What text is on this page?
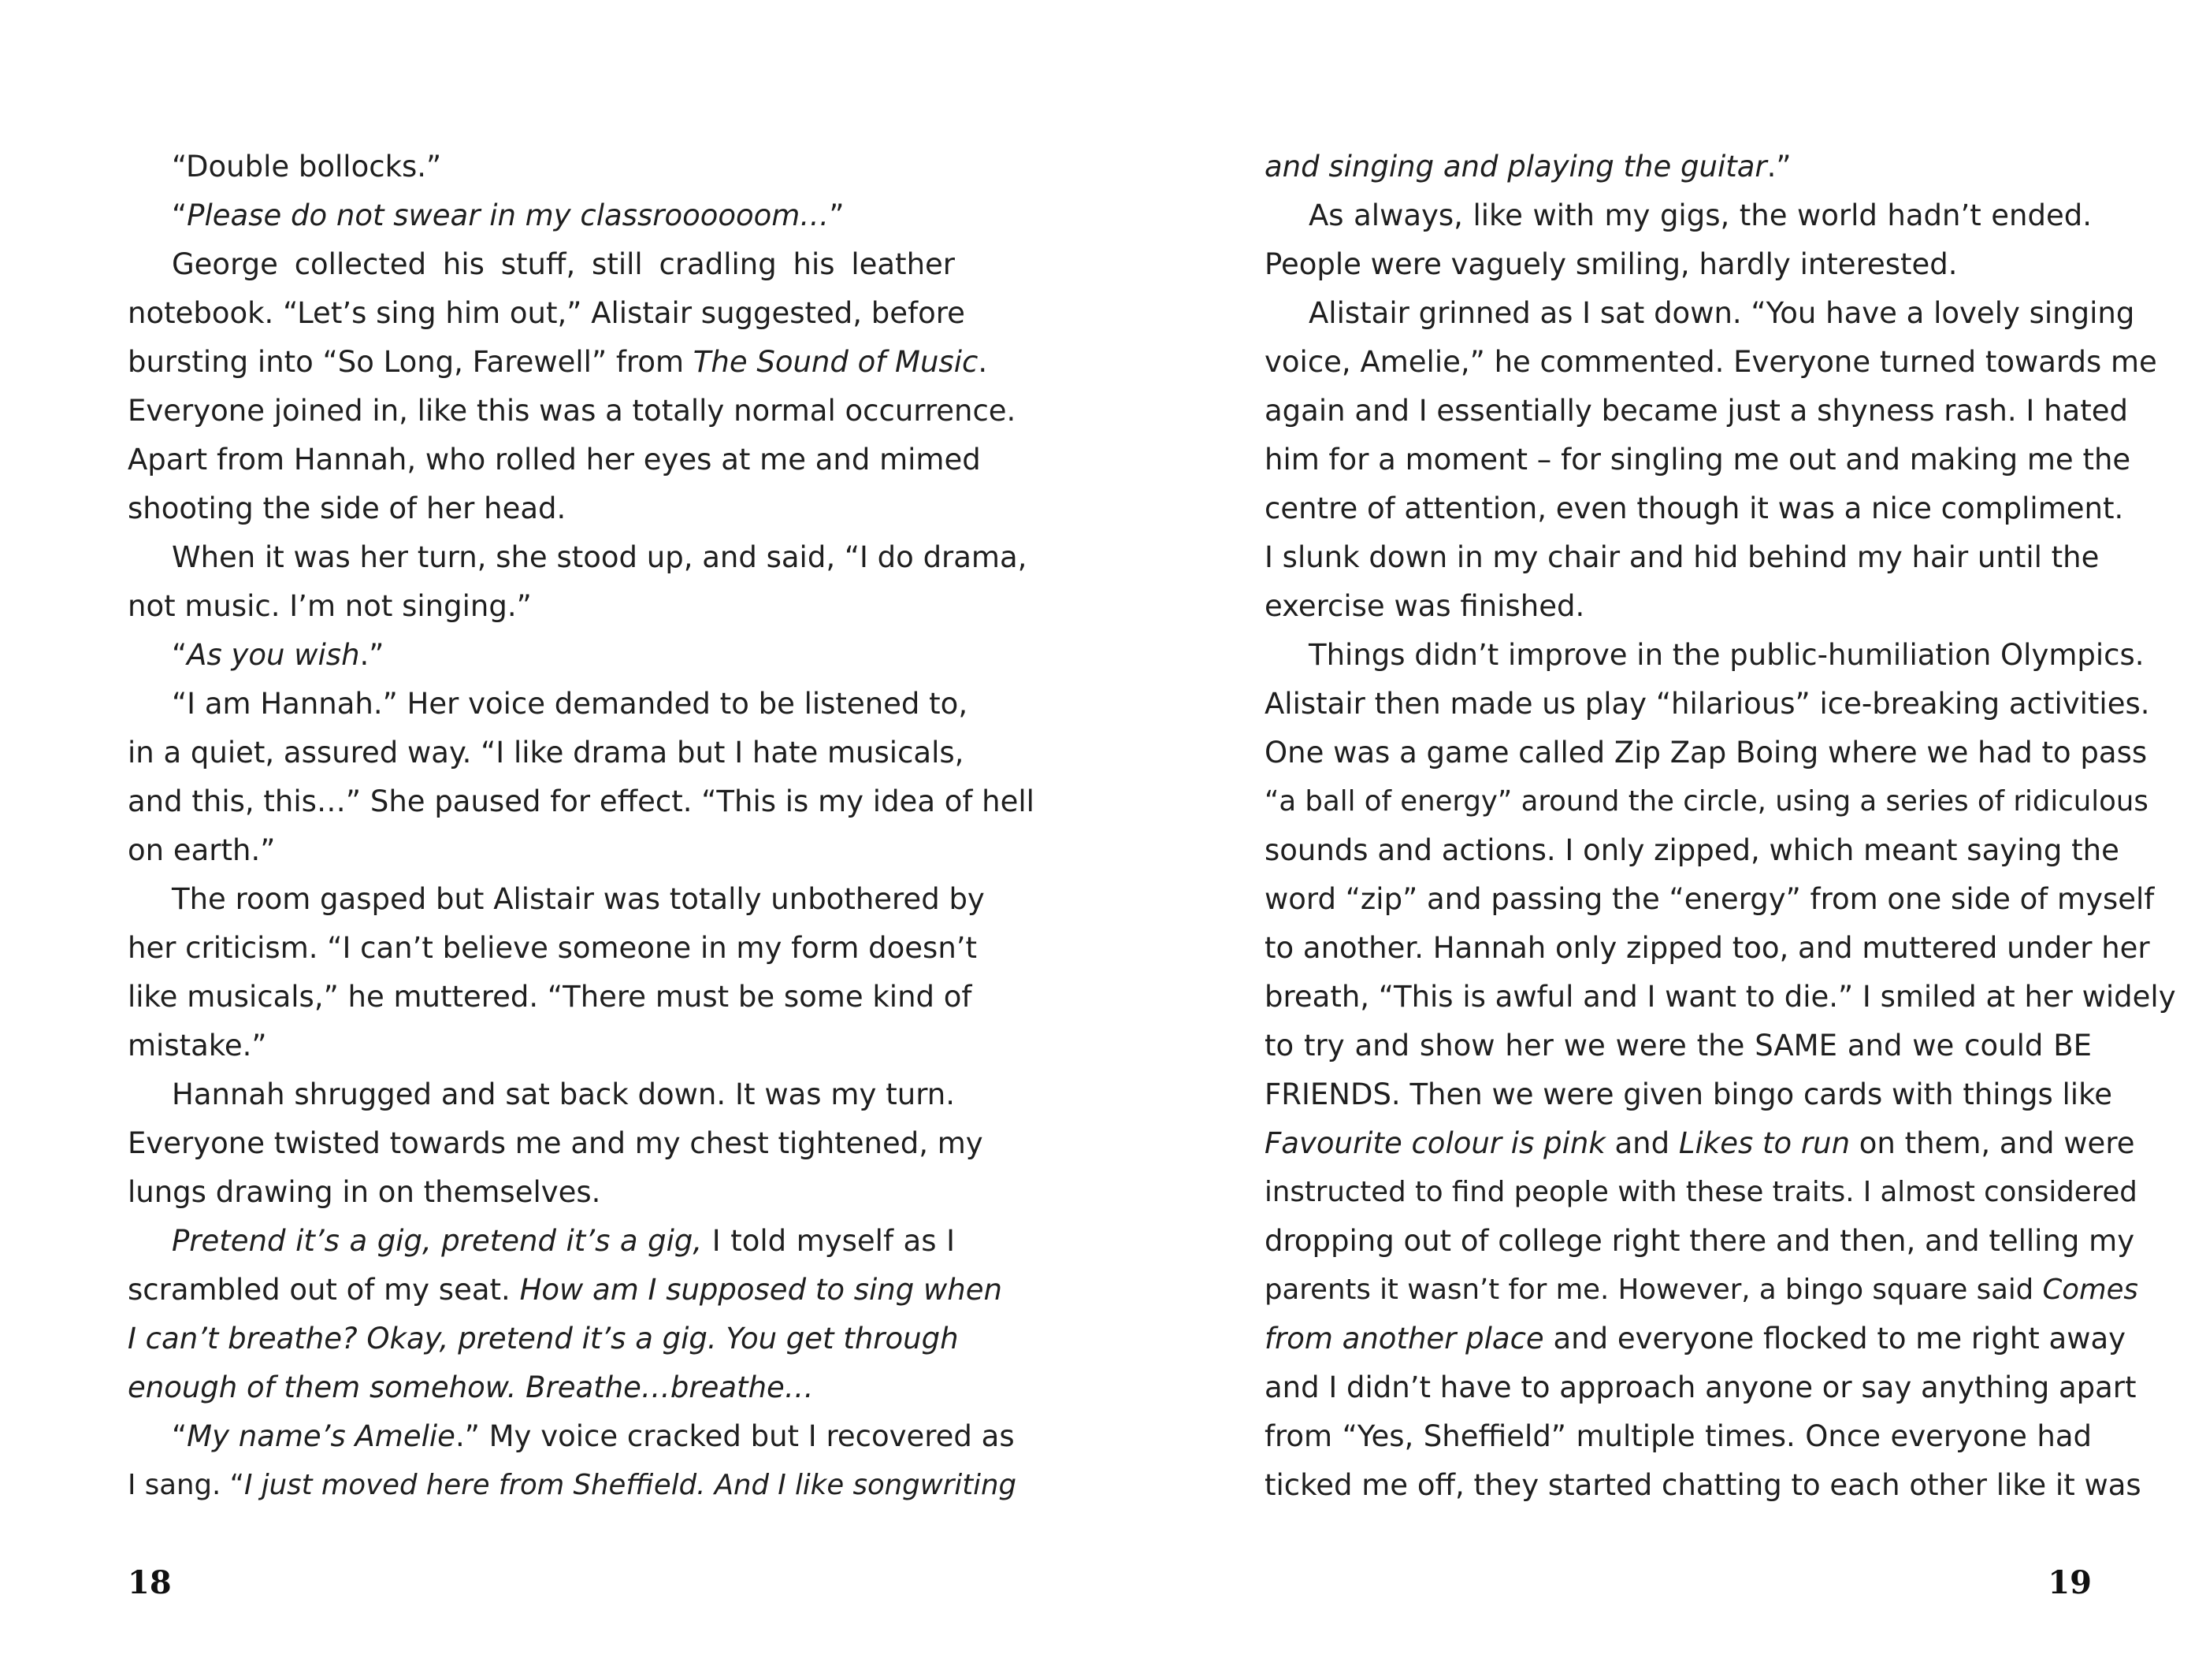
“Double bollocks.”
“Please do not swear in my classroooooom…”
George collected his stuff, still cradling his leather
notebook. “Let’s sing him out,” Alistair suggested, before
bursting into “So Long, Farewell” from The Sound of Music.
Everyone joined in, like this was a totally normal occurrence.
Apart from Hannah, who rolled her eyes at me and mimed
shooting the side of her head.
When it was her turn, she stood up, and said, “I do drama,
not music. I’m not singing.”
“As you wish.”
“I am Hannah.” Her voice demanded to be listened to,
in a quiet, assured way. “I like drama but I hate musicals,
and this, this…” She paused for effect. “This is my idea of hell
on earth.”
The room gasped but Alistair was totally unbothered by
her criticism. “I can’t believe someone in my form doesn’t
like musicals,” he muttered. “There must be some kind of
mistake.”
Hannah shrugged and sat back down. It was my turn.
Everyone twisted towards me and my chest tightened, my
lungs drawing in on themselves.
Pretend it’s a gig, pretend it’s a gig, I told myself as I
scrambled out of my seat. How am I supposed to sing when
I can’t breathe? Okay, pretend it’s a gig. You get through
enough of them somehow. Breathe…breathe…
“My name’s Amelie.” My voice cracked but I recovered as
I sang. “I just moved here from Sheffield. And I like songwriting
18
and singing and playing the guitar.”
As always, like with my gigs, the world hadn’t ended.
People were vaguely smiling, hardly interested.
Alistair grinned as I sat down. “You have a lovely singing
voice, Amelie,” he commented. Everyone turned towards me
again and I essentially became just a shyness rash. I hated
him for a moment – for singling me out and making me the
centre of attention, even though it was a nice compliment.
I slunk down in my chair and hid behind my hair until the
exercise was finished.
Things didn’t improve in the public-humiliation Olympics.
Alistair then made us play “hilarious” ice-breaking activities.
One was a game called Zip Zap Boing where we had to pass
“a ball of energy” around the circle, using a series of ridiculous
sounds and actions. I only zipped, which meant saying the
word “zip” and passing the “energy” from one side of myself
to another. Hannah only zipped too, and muttered under her
breath, “This is awful and I want to die.” I smiled at her widely
to try and show her we were the SAME and we could BE
FRIENDS. Then we were given bingo cards with things like
Favourite colour is pink and Likes to run on them, and were
instructed to find people with these traits. I almost considered
dropping out of college right there and then, and telling my
parents it wasn’t for me. However, a bingo square said Comes
from another place and everyone flocked to me right away
and I didn’t have to approach anyone or say anything apart
from “Yes, Sheffield” multiple times. Once everyone had
ticked me off, they started chatting to each other like it was
19
